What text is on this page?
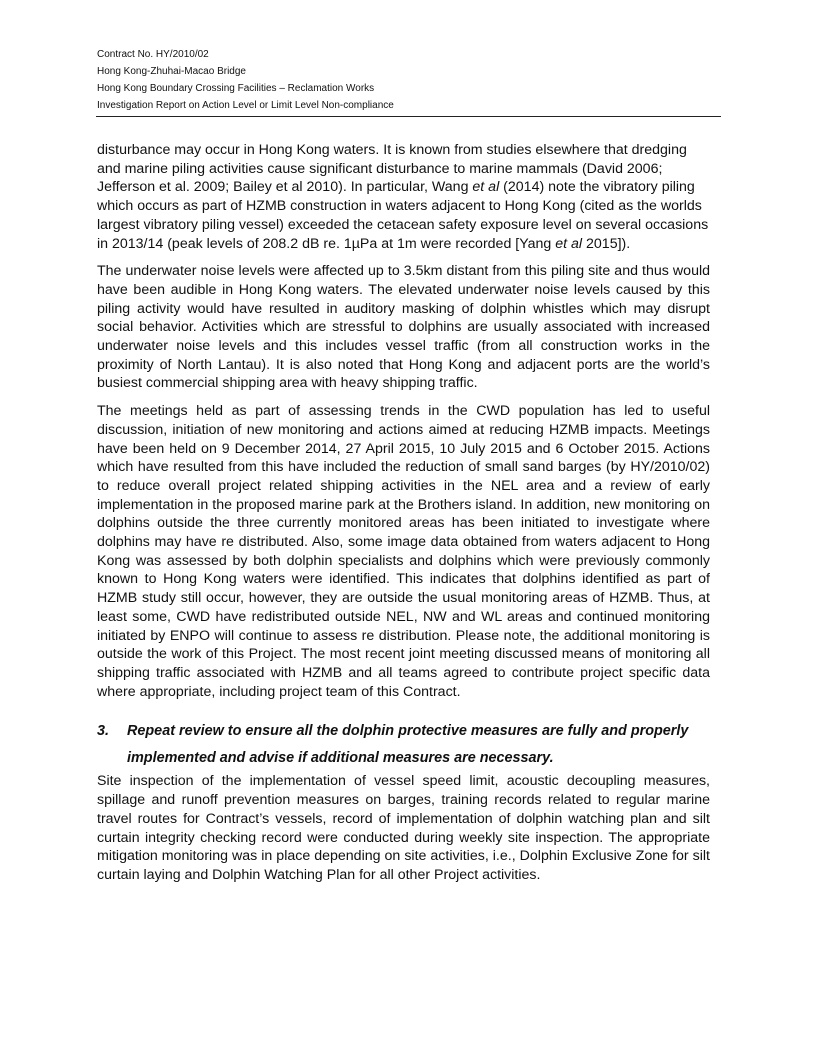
Contract No. HY/2010/02
Hong Kong-Zhuhai-Macao Bridge
Hong Kong Boundary Crossing Facilities – Reclamation Works
Investigation Report on Action Level or Limit Level Non-compliance

disturbance may occur in Hong Kong waters. It is known from studies elsewhere that dredging and marine piling activities cause significant disturbance to marine mammals (David 2006; Jefferson et al. 2009; Bailey et al 2010). In particular, Wang et al (2014) note the vibratory piling which occurs as part of HZMB construction in waters adjacent to Hong Kong (cited as the worlds largest vibratory piling vessel) exceeded the cetacean safety exposure level on several occasions in 2013/14 (peak levels of 208.2 dB re. 1µPa at 1m were recorded [Yang et al 2015]).

The underwater noise levels were affected up to 3.5km distant from this piling site and thus would have been audible in Hong Kong waters. The elevated underwater noise levels caused by this piling activity would have resulted in auditory masking of dolphin whistles which may disrupt social behavior. Activities which are stressful to dolphins are usually associated with increased underwater noise levels and this includes vessel traffic (from all construction works in the proximity of North Lantau). It is also noted that Hong Kong and adjacent ports are the world’s busiest commercial shipping area with heavy shipping traffic.

The meetings held as part of assessing trends in the CWD population has led to useful discussion, initiation of new monitoring and actions aimed at reducing HZMB impacts. Meetings have been held on 9 December 2014, 27 April 2015, 10 July 2015 and 6 October 2015. Actions which have resulted from this have included the reduction of small sand barges (by HY/2010/02) to reduce overall project related shipping activities in the NEL area and a review of early implementation in the proposed marine park at the Brothers island. In addition, new monitoring on dolphins outside the three currently monitored areas has been initiated to investigate where dolphins may have re distributed. Also, some image data obtained from waters adjacent to Hong Kong was assessed by both dolphin specialists and dolphins which were previously commonly known to Hong Kong waters were identified. This indicates that dolphins identified as part of HZMB study still occur, however, they are outside the usual monitoring areas of HZMB. Thus, at least some, CWD have redistributed outside NEL, NW and WL areas and continued monitoring initiated by ENPO will continue to assess re distribution. Please note, the additional monitoring is outside the work of this Project. The most recent joint meeting discussed means of monitoring all shipping traffic associated with HZMB and all teams agreed to contribute project specific data where appropriate, including project team of this Contract.

3.	Repeat review to ensure all the dolphin protective measures are fully and properly implemented and advise if additional measures are necessary.

Site inspection of the implementation of vessel speed limit, acoustic decoupling measures, spillage and runoff prevention measures on barges, training records related to regular marine travel routes for Contract’s vessels, record of implementation of dolphin watching plan and silt curtain integrity checking record were conducted during weekly site inspection. The appropriate mitigation monitoring was in place depending on site activities, i.e., Dolphin Exclusive Zone for silt curtain laying and Dolphin Watching Plan for all other Project activities.
